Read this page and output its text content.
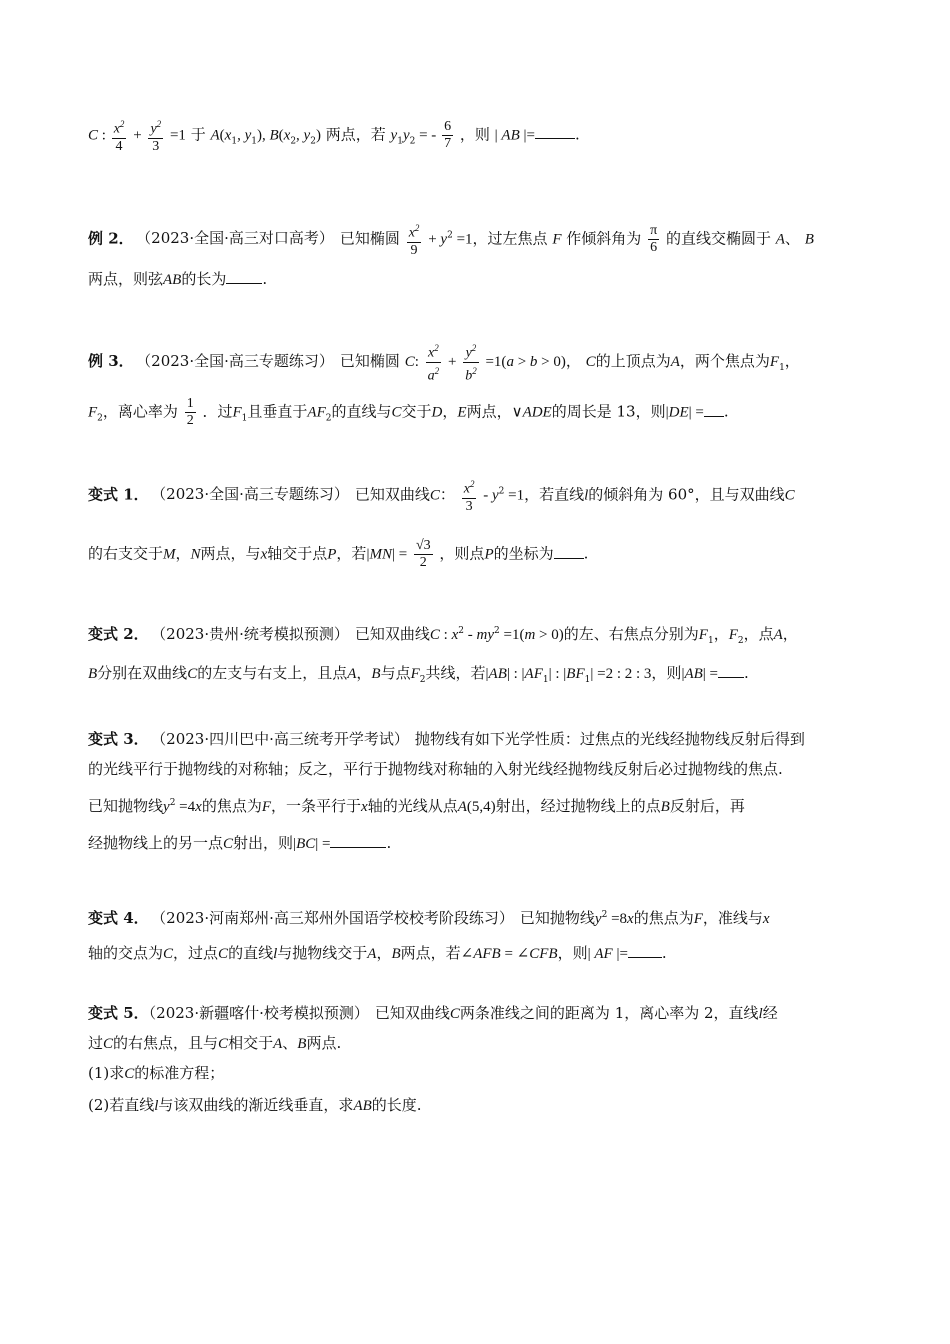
C : $\frac{x^2}{4} + \frac{y^2}{3} =1$ 于 $A(x_1$, $y_1$), $B(x_2$, $y_2$) 两点，若 $y_1y_2$ = - $\frac{6}{7}$ ，则 | AB |=	.
例 2． （2023·全国·高三对口高考） 已知椭圆 $\frac{x^2}{9} + y^2 =1$，过左焦点 F 作倾斜角为 $\frac{\pi}{6}$ 的直线交椭圆于 A、 B
两点，则弦AB的长为 .
例 3． （2023·全国·高三专题练习） 已知椭圆 C: $\frac{x^2}{a^2} + \frac{y^2}{b^2} =1(a > b > 0)$， C的上顶点为A，两个焦点为$F_1$，
$F_2$，离心率为 $\frac{1}{2}$ ．过$F_1$且垂直于$AF_2$的直线与C交于D，E两点，∨ADE的周长是 13，则|DE| = .
变式 1． （2023·全国·高三专题练习） 已知双曲线C： $\frac{x^2}{3} - y^2 =1$，若直线l的倾斜角为 60°，且与双曲线C
的右支交于M，N两点，与x轴交于点P，若$|MN| = \frac{√3}{2}$ ，则点P的坐标为 .
变式 2． （2023·贵州·统考模拟预测） 已知双曲线C : $x^2 - my^2 =1(m > 0)$的左、右焦点分别为$F_1$，$F_2$，点A，
B分别在双曲线C的左支与右支上，且点A，B与点$F_2$共线，若|AB| : $|AF_1|$ : $|BF_1| =2$ : 2 : 3，则|AB| = .
变式 3． （2023·四川巴中·高三统考开学考试） 抛物线有如下光学性质：过焦点的光线经抛物线反射后得到
的光线平行于抛物线的对称轴；反之，平行于抛物线对称轴的入射光线经抛物线反射后必过抛物线的焦点.
已知抛物线$y^2 =4x$的焦点为F，一条平行于x轴的光线从点A(5,4)射出，经过抛物线上的点B反射后，再
经抛物线上的另一点C射出，则|BC| =	.
变式 4． （2023·河南郑州·高三郑州外国语学校校考阶段练习） 已知抛物线$y^2 =8x$的焦点为F，准线与x
轴的交点为C，过点C的直线l与抛物线交于A，B两点，若∠AFB = ∠CFB，则| AF |= .
变式 5．（2023·新疆喀什·校考模拟预测） 已知双曲线C两条准线之间的距离为 1，离心率为 2，直线l经
过C的右焦点，且与C相交于A、B两点.
(1)求C的标准方程；
(2)若直线l与该双曲线的渐近线垂直，求AB的长度.
